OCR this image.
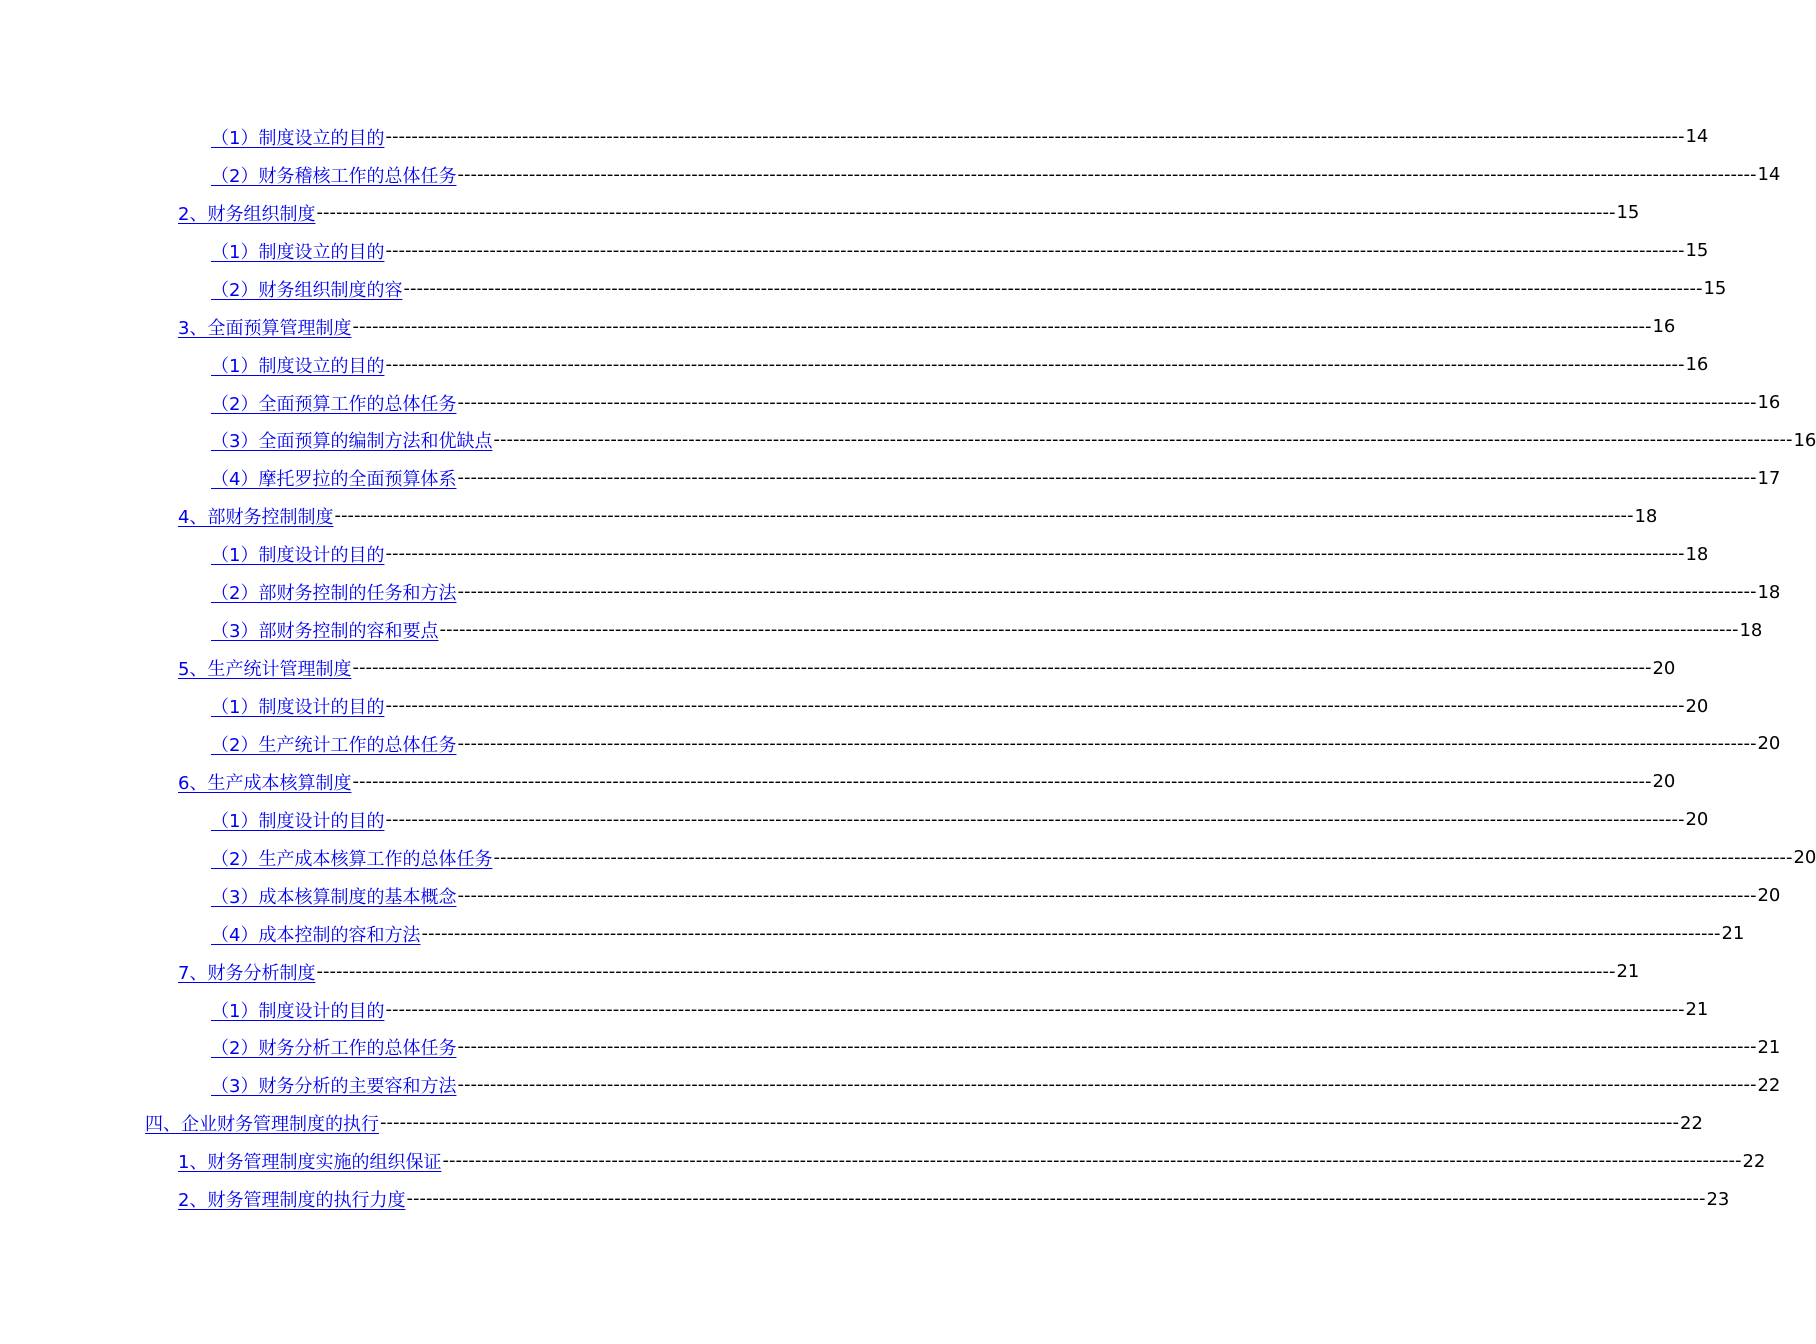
（1）制度设立的目的 -------------------------------------------------------------------------------------------------------------------------------------------------------------------------------------------------------- 14
（2）财务稽核工作的总体任务 -------------------------------------------------------------------------------------------------------------------------------------------------------------------------------------------------------- 14
2、财务组织制度 -------------------------------------------------------------------------------------------------------------------------------------------------------------------------------------------------------- 15
（1）制度设立的目的 -------------------------------------------------------------------------------------------------------------------------------------------------------------------------------------------------------- 15
（2）财务组织制度的容 -------------------------------------------------------------------------------------------------------------------------------------------------------------------------------------------------------- 15
3、全面预算管理制度 -------------------------------------------------------------------------------------------------------------------------------------------------------------------------------------------------------- 16
（1）制度设立的目的 -------------------------------------------------------------------------------------------------------------------------------------------------------------------------------------------------------- 16
（2）全面预算工作的总体任务 -------------------------------------------------------------------------------------------------------------------------------------------------------------------------------------------------------- 16
（3）全面预算的编制方法和优缺点 -------------------------------------------------------------------------------------------------------------------------------------------------------------------------------------------------------- 16
（4）摩托罗拉的全面预算体系 -------------------------------------------------------------------------------------------------------------------------------------------------------------------------------------------------------- 17
4、部财务控制制度 -------------------------------------------------------------------------------------------------------------------------------------------------------------------------------------------------------- 18
（1）制度设计的目的 -------------------------------------------------------------------------------------------------------------------------------------------------------------------------------------------------------- 18
（2）部财务控制的任务和方法 -------------------------------------------------------------------------------------------------------------------------------------------------------------------------------------------------------- 18
（3）部财务控制的容和要点 -------------------------------------------------------------------------------------------------------------------------------------------------------------------------------------------------------- 18
5、生产统计管理制度 -------------------------------------------------------------------------------------------------------------------------------------------------------------------------------------------------------- 20
（1）制度设计的目的 -------------------------------------------------------------------------------------------------------------------------------------------------------------------------------------------------------- 20
（2）生产统计工作的总体任务 -------------------------------------------------------------------------------------------------------------------------------------------------------------------------------------------------------- 20
6、生产成本核算制度 -------------------------------------------------------------------------------------------------------------------------------------------------------------------------------------------------------- 20
（1）制度设计的目的 -------------------------------------------------------------------------------------------------------------------------------------------------------------------------------------------------------- 20
（2）生产成本核算工作的总体任务 -------------------------------------------------------------------------------------------------------------------------------------------------------------------------------------------------------- 20
（3）成本核算制度的基本概念 -------------------------------------------------------------------------------------------------------------------------------------------------------------------------------------------------------- 20
（4）成本控制的容和方法 -------------------------------------------------------------------------------------------------------------------------------------------------------------------------------------------------------- 21
7、财务分析制度 -------------------------------------------------------------------------------------------------------------------------------------------------------------------------------------------------------- 21
（1）制度设计的目的 -------------------------------------------------------------------------------------------------------------------------------------------------------------------------------------------------------- 21
（2）财务分析工作的总体任务 -------------------------------------------------------------------------------------------------------------------------------------------------------------------------------------------------------- 21
（3）财务分析的主要容和方法 -------------------------------------------------------------------------------------------------------------------------------------------------------------------------------------------------------- 22
四、企业财务管理制度的执行 -------------------------------------------------------------------------------------------------------------------------------------------------------------------------------------------------------- 22
1、财务管理制度实施的组织保证 -------------------------------------------------------------------------------------------------------------------------------------------------------------------------------------------------------- 22
2、财务管理制度的执行力度 -------------------------------------------------------------------------------------------------------------------------------------------------------------------------------------------------------- 23
